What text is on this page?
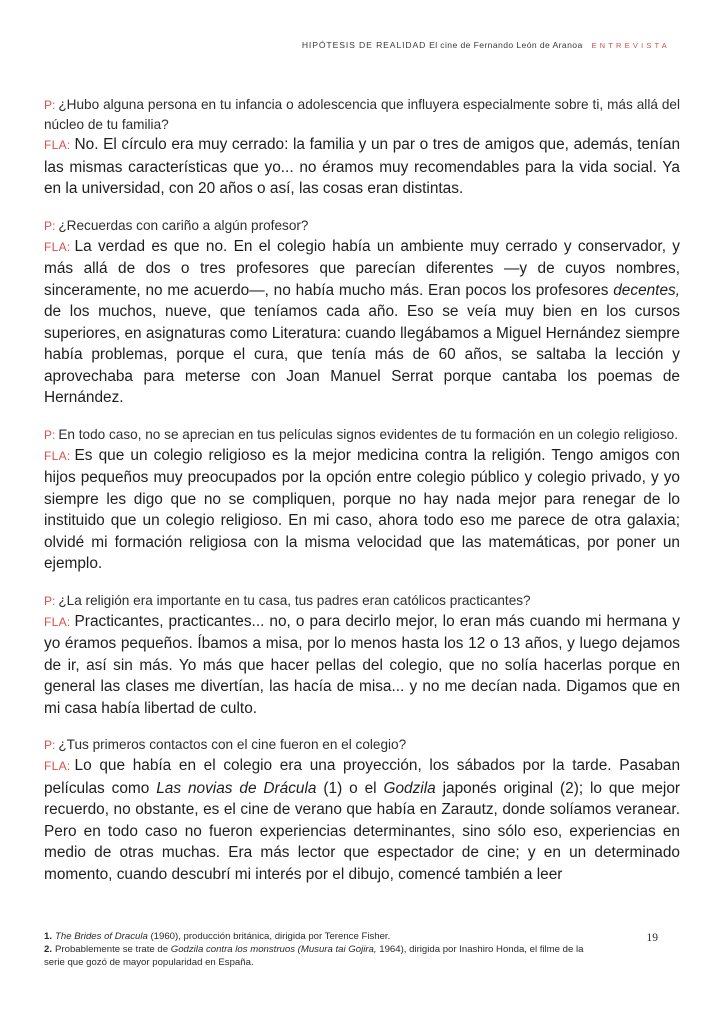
HIPÓTESIS DE REALIDAD El cine de Fernando León de Aranoa ENTREVISTA
P: ¿Hubo alguna persona en tu infancia o adolescencia que influyera especialmente sobre ti, más allá del núcleo de tu familia?
FLA: No. El círculo era muy cerrado: la familia y un par o tres de amigos que, además, tenían las mismas características que yo... no éramos muy recomendables para la vida social. Ya en la universidad, con 20 años o así, las cosas eran distintas.
P: ¿Recuerdas con cariño a algún profesor?
FLA: La verdad es que no. En el colegio había un ambiente muy cerrado y conservador, y más allá de dos o tres profesores que parecían diferentes —y de cuyos nombres, sinceramente, no me acuerdo—, no había mucho más. Eran pocos los profesores decentes, de los muchos, nueve, que teníamos cada año. Eso se veía muy bien en los cursos superiores, en asignaturas como Literatura: cuando llegábamos a Miguel Hernández siempre había problemas, porque el cura, que tenía más de 60 años, se saltaba la lección y aprovechaba para meterse con Joan Manuel Serrat porque cantaba los poemas de Hernández.
P: En todo caso, no se aprecian en tus películas signos evidentes de tu formación en un colegio religioso.
FLA: Es que un colegio religioso es la mejor medicina contra la religión. Tengo amigos con hijos pequeños muy preocupados por la opción entre colegio público y colegio privado, y yo siempre les digo que no se compliquen, porque no hay nada mejor para renegar de lo instituido que un colegio religioso. En mi caso, ahora todo eso me parece de otra galaxia; olvidé mi formación religiosa con la misma velocidad que las matemáticas, por poner un ejemplo.
P: ¿La religión era importante en tu casa, tus padres eran católicos practicantes?
FLA: Practicantes, practicantes... no, o para decirlo mejor, lo eran más cuando mi hermana y yo éramos pequeños. Íbamos a misa, por lo menos hasta los 12 o 13 años, y luego dejamos de ir, así sin más. Yo más que hacer pellas del colegio, que no solía hacerlas porque en general las clases me divertían, las hacía de misa... y no me decían nada. Digamos que en mi casa había libertad de culto.
P: ¿Tus primeros contactos con el cine fueron en el colegio?
FLA: Lo que había en el colegio era una proyección, los sábados por la tarde. Pasaban películas como Las novias de Drácula (1) o el Godzila japonés original (2); lo que mejor recuerdo, no obstante, es el cine de verano que había en Zarautz, donde solíamos veranear. Pero en todo caso no fueron experiencias determinantes, sino sólo eso, experiencias en medio de otras muchas. Era más lector que espectador de cine; y en un determinado momento, cuando descubrí mi interés por el dibujo, comencé también a leer
1. The Brides of Dracula (1960), producción británica, dirigida por Terence Fisher.
2. Probablemente se trate de Godzila contra los monstruos (Musura tai Gojira, 1964), dirigida por Inashiro Honda, el filme de la serie que gozó de mayor popularidad en España.
19
